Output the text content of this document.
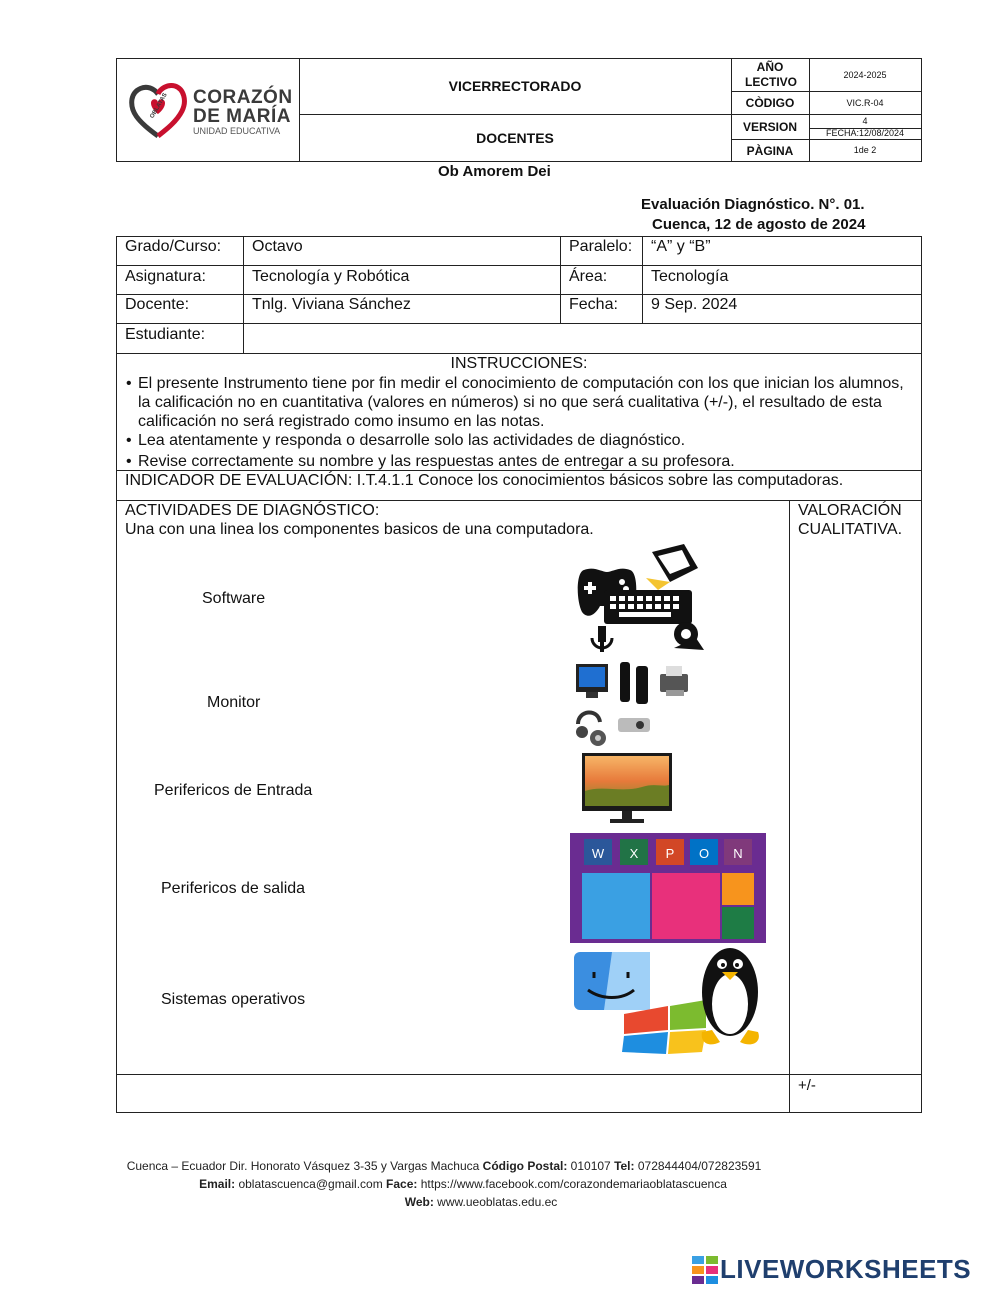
OBLATAS CORAZÓN
DE MARÍA
UNIDAD EDUCATIVA
VICERRECTORADO
DOCENTES
AÑO LECTIVO	2024-2025
CÒDIGO	VIC.R-04
VERSION	4
FECHA:12/08/2024
PÀGINA	1de 2
Ob Amorem Dei
Evaluación Diagnóstico. N°. 01.
Cuenca, 12 de agosto de 2024
Grado/Curso: Octavo	Paralelo: “A” y “B”
Asignatura:	Tecnología y Robótica	Área:	Tecnología
Docente:	Tnlg. Viviana Sánchez	Fecha: 9 Sep. 2024
Estudiante:
INSTRUCCIONES:
• El presente Instrumento tiene por fin medir el conocimiento de computación con los que inician los alumnos, la calificación no en cuantitativa (valores en números) si no que será cualitativa (+/-), el resultado de esta calificación no será registrado como insumo en las notas.
• Lea atentamente y responda o desarrolle solo las actividades de diagnóstico.
• Revise correctamente su nombre y las respuestas antes de entregar a su profesora.
INDICADOR DE EVALUACIÓN: I.T.4.1.1 Conoce los conocimientos básicos sobre las computadoras.
ACTIVIDADES DE DIAGNÓSTICO:
Una con una linea los componentes basicos de una computadora.
VALORACIÓN
CUALITATIVA.
Software
Monitor
Perifericos de Entrada
Perifericos de salida
Sistemas operativos
W X P O N
+/-
Cuenca – Ecuador Dir. Honorato Vásquez 3-35 y Vargas Machuca Código Postal: 010107 Tel: 072844404/072823591
Email: oblatascuenca@gmail.com Face: https://www.facebook.com/corazondemariaoblatascuenca
Web: www.ueoblatas.edu.ec
LIVEWORKSHEETS
